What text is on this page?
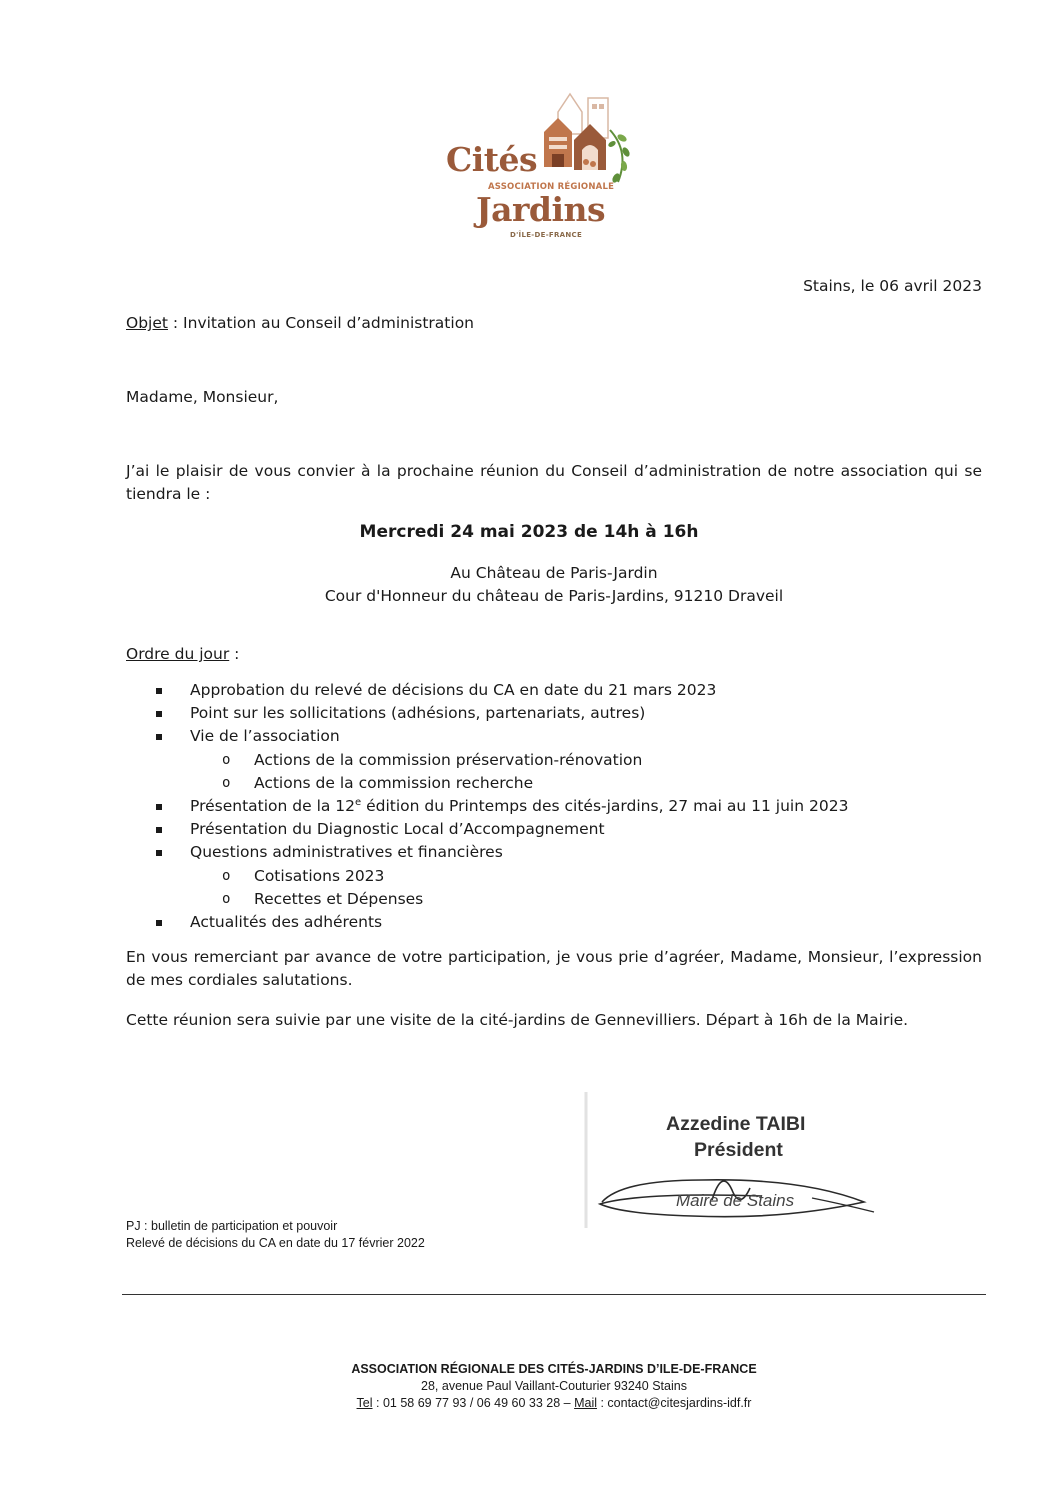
Cités
ASSOCIATION RÉGIONALE
Jardins
D'ÎLE-DE-FRANCE
Stains, le 06 avril 2023
Objet : Invitation au Conseil d’administration
Madame, Monsieur,
J’ai le plaisir de vous convier à la prochaine réunion du Conseil d’administration de notre association qui se tiendra le :
Mercredi 24 mai 2023 de 14h à 16h
Au Château de Paris-Jardin
Cour d'Honneur du château de Paris-Jardins, 91210 Draveil
Ordre du jour :
Approbation du relevé de décisions du CA en date du 21 mars 2023
Point sur les sollicitations (adhésions, partenariats, autres)
Vie de l’association
o Actions de la commission préservation-rénovation
o Actions de la commission recherche
Présentation de la 12e édition du Printemps des cités-jardins, 27 mai au 11 juin 2023
Présentation du Diagnostic Local d’Accompagnement
Questions administratives et financières
o Cotisations 2023
o Recettes et Dépenses
Actualités des adhérents
En vous remerciant par avance de votre participation, je vous prie d’agréer, Madame, Monsieur, l’expression de mes cordiales salutations.
Cette réunion sera suivie par une visite de la cité-jardins de Gennevilliers. Départ à 16h de la Mairie.
Azzedine TAIBI
Président
Maire de Stains
PJ : bulletin de participation et pouvoir
Relevé de décisions du CA en date du 17 février 2022
ASSOCIATION RÉGIONALE DES CITÉS-JARDINS D’ILE-DE-FRANCE
28, avenue Paul Vaillant-Couturier 93240 Stains
Tel : 01 58 69 77 93 / 06 49 60 33 28 – Mail : contact@citesjardins-idf.fr
